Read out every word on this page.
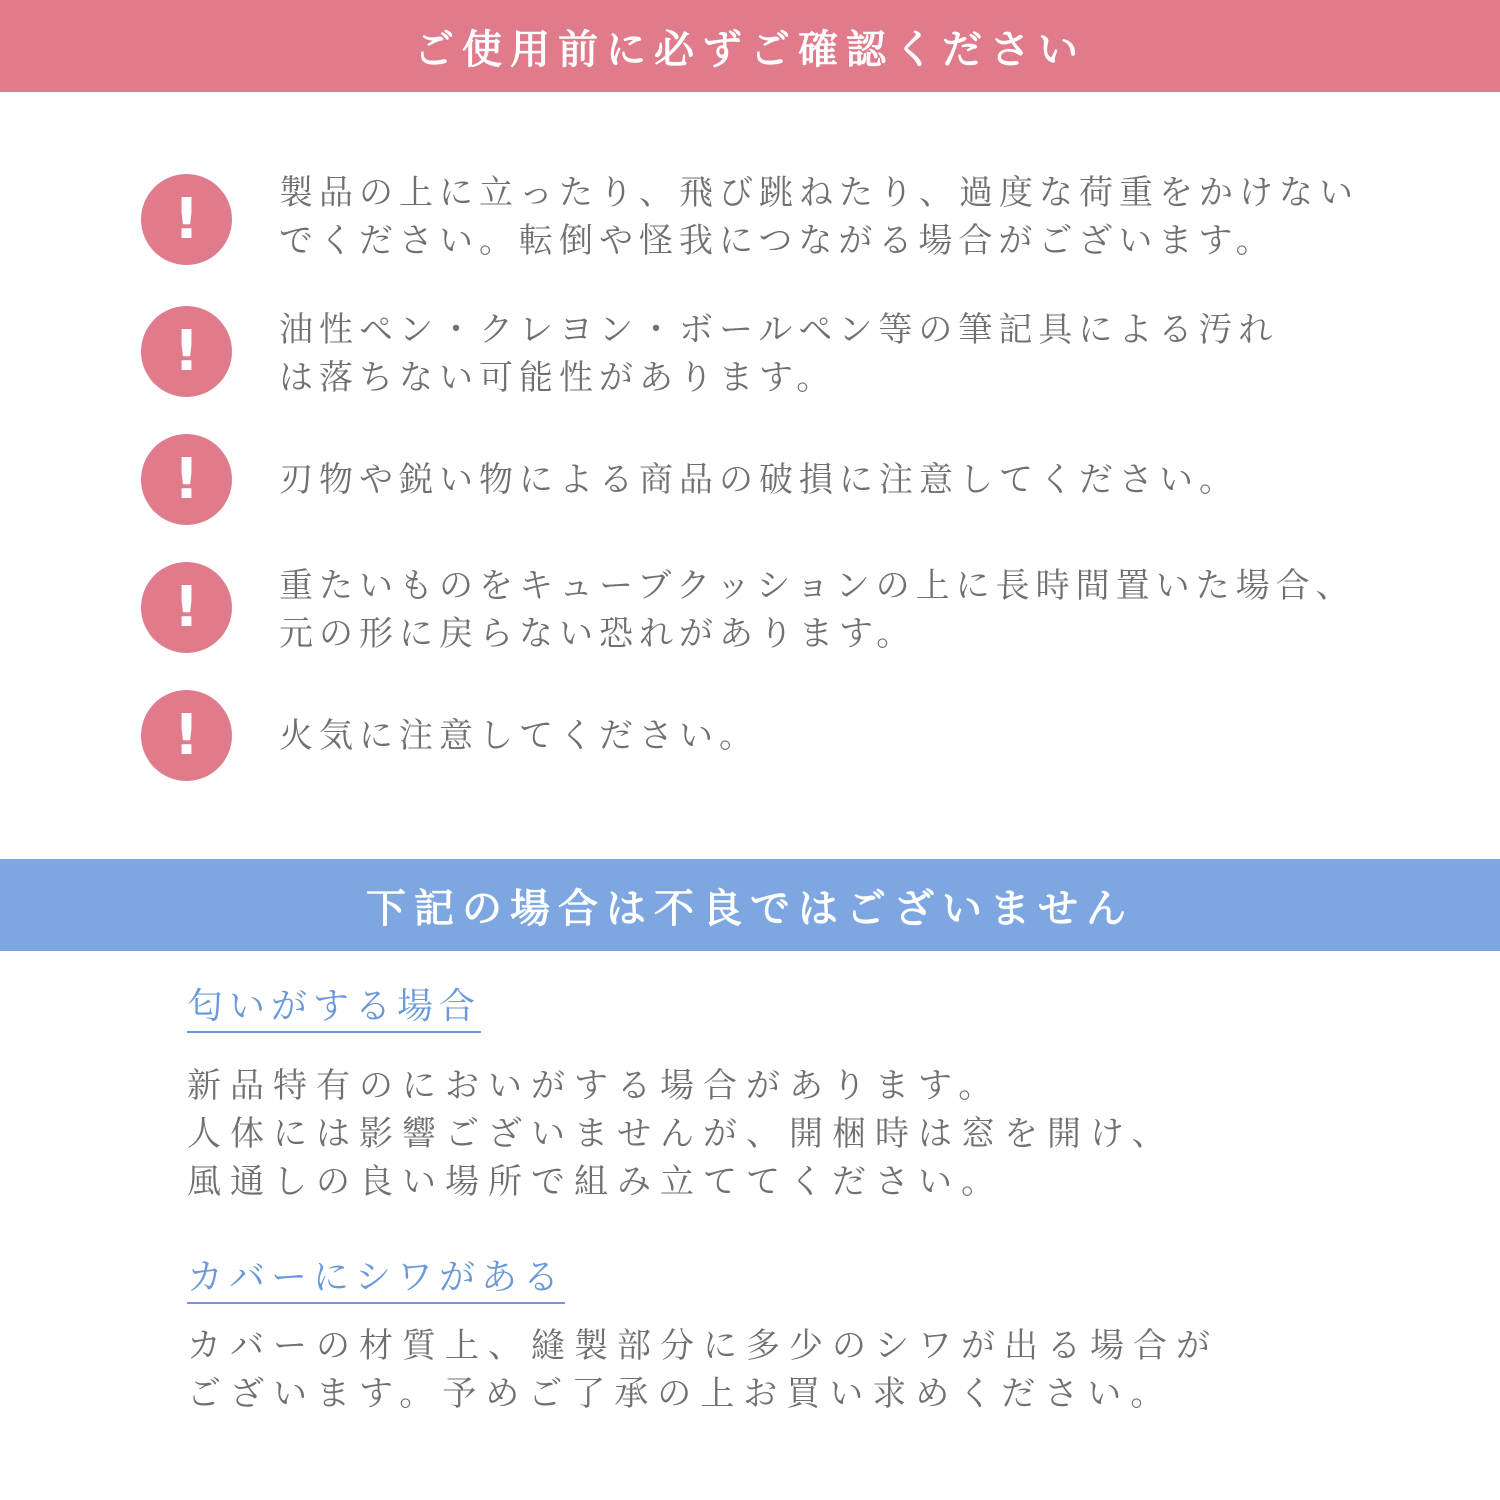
ご使用前に必ずご確認ください
!	製品の上に立ったり、飛び跳ねたり、過度な荷重をかけない
でください。転倒や怪我につながる場合がございます。
!	油性ペン・クレヨン・ボールペン等の筆記具による汚れ
は落ちない可能性があります。
!	刃物や鋭い物による商品の破損に注意してください。
!	重たいものをキューブクッションの上に長時間置いた場合、
元の形に戻らない恐れがあります。
!	火気に注意してください。
下記の場合は不良ではございません
匂いがする場合
新品特有のにおいがする場合があります。
人体には影響ございませんが、開梱時は窓を開け、
風通しの良い場所で組み立ててください。
カバーにシワがある
カバーの材質上、縫製部分に多少のシワが出る場合が
ございます。予めご了承の上お買い求めください。
